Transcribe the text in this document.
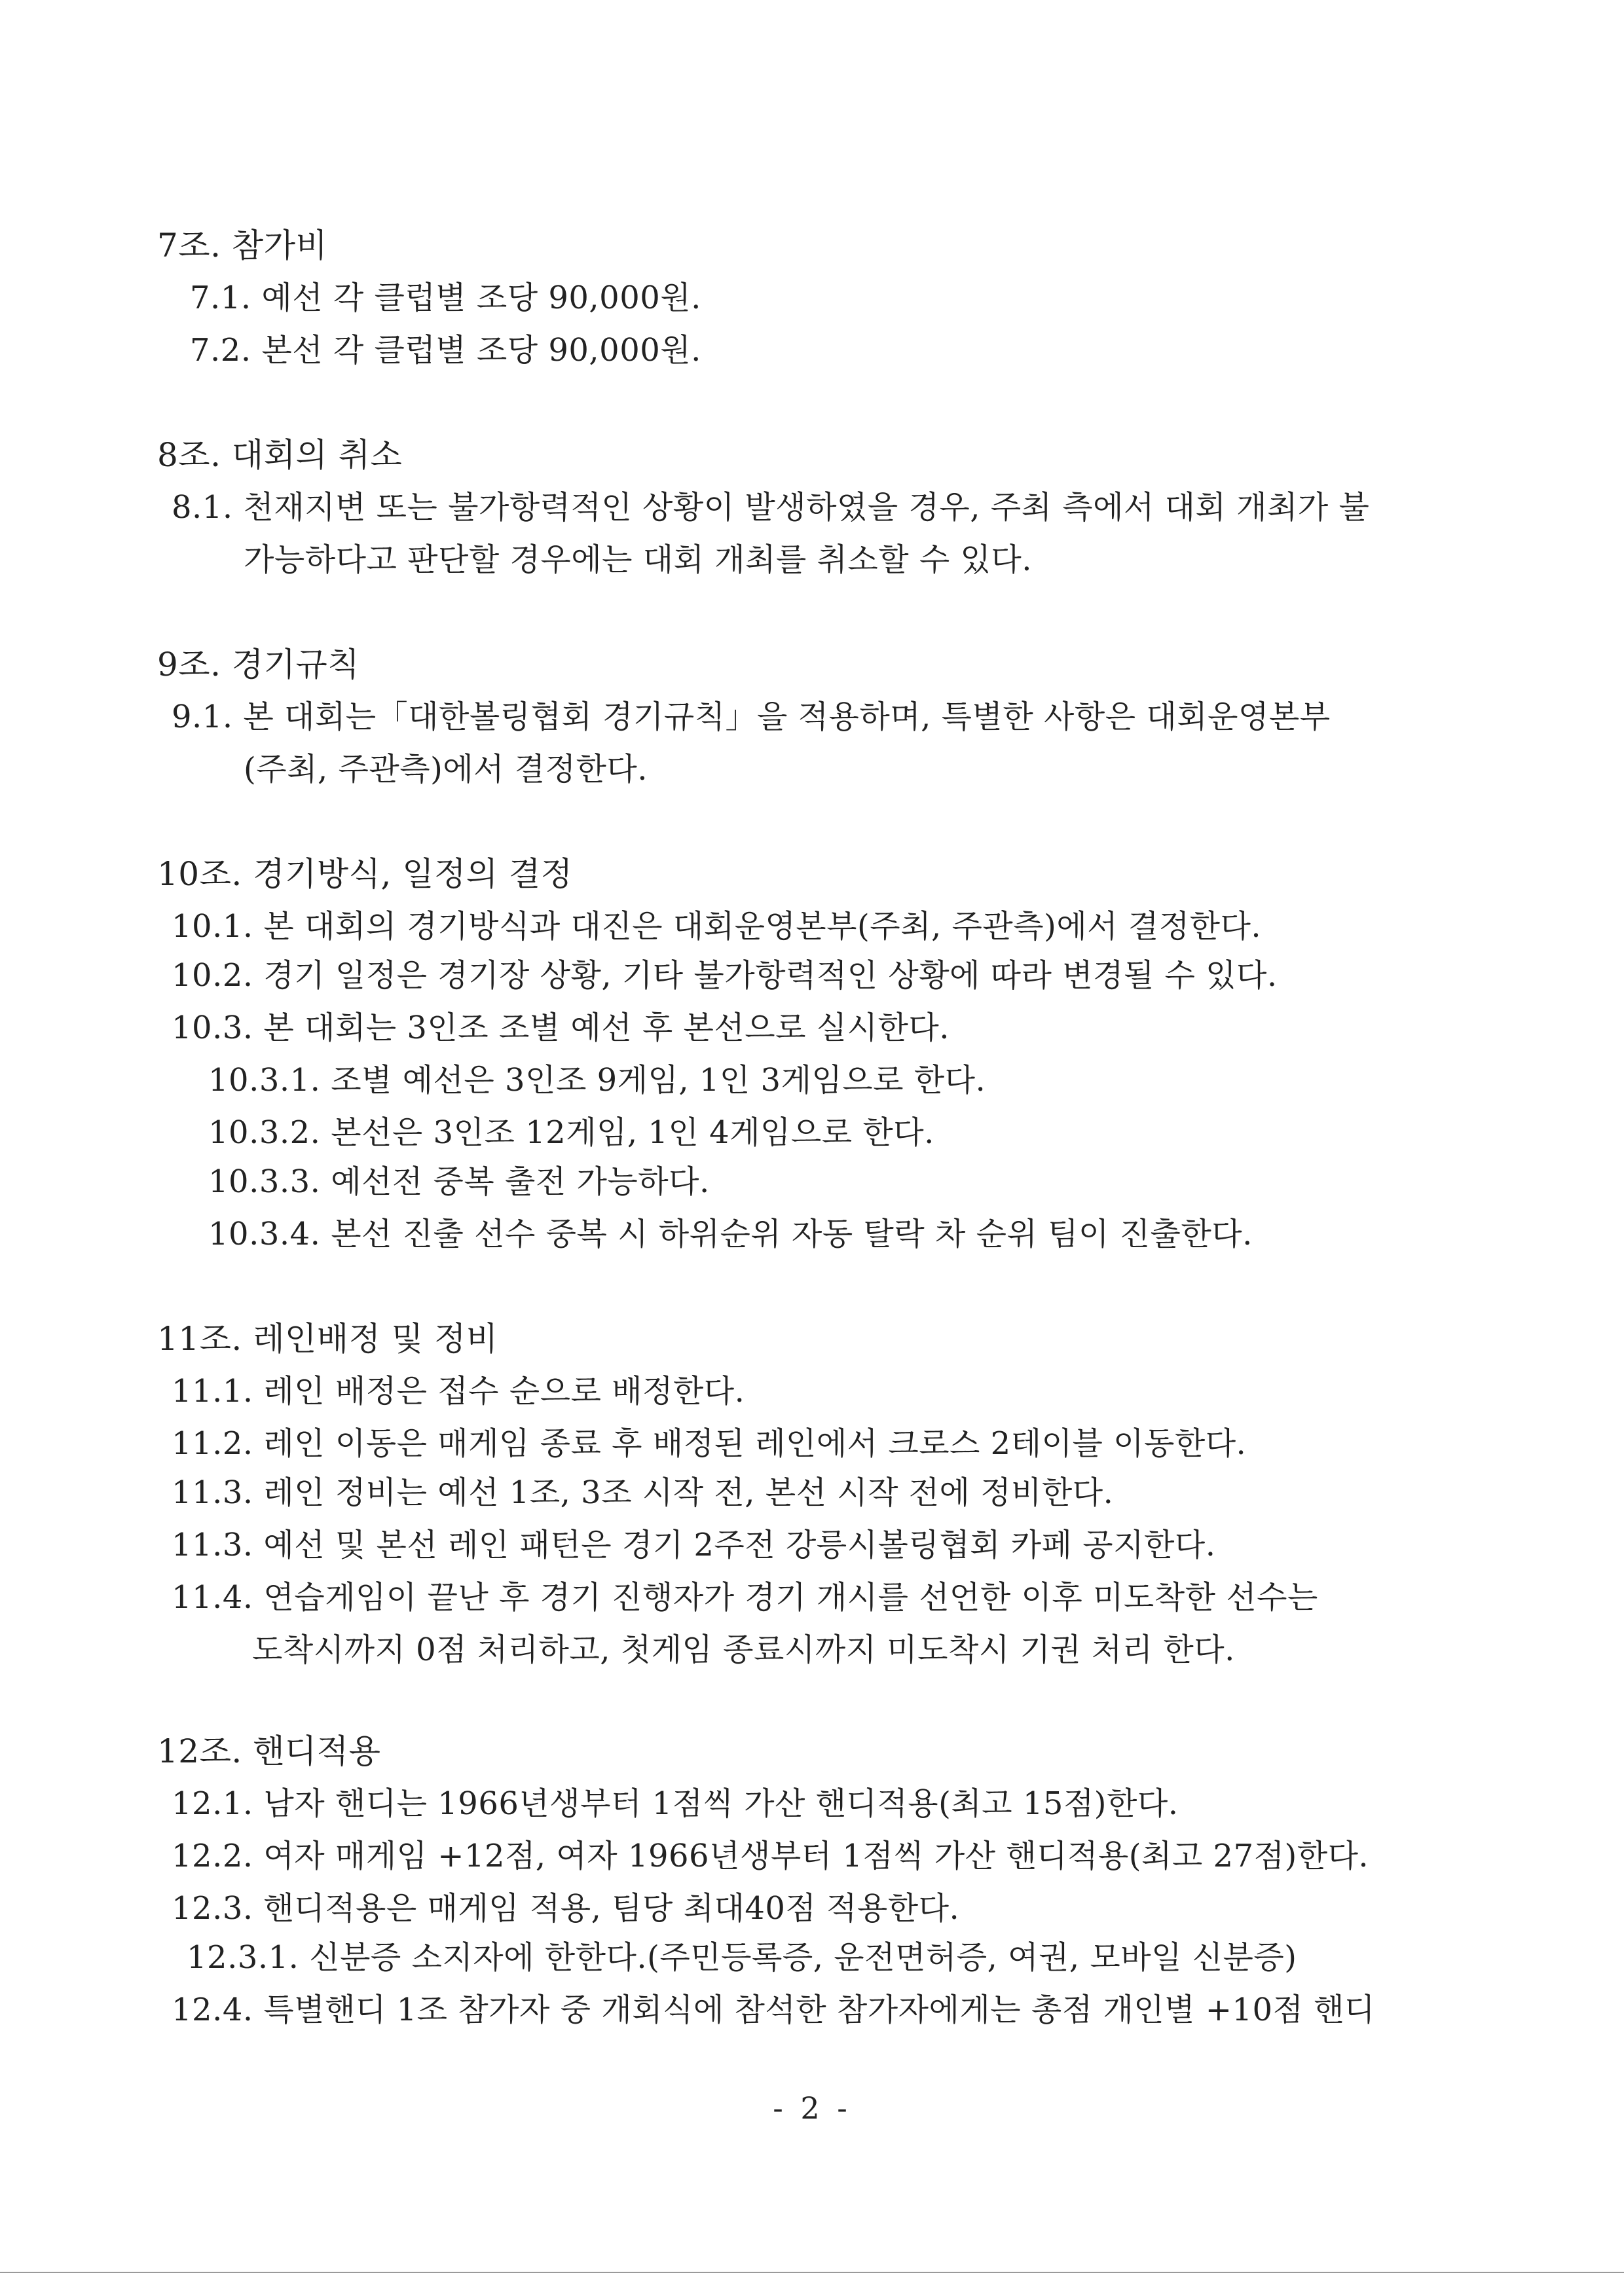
7조. 참가비
7.1. 예선 각 클럽별 조당 90,000원.
7.2. 본선 각 클럽별 조당 90,000원.
8조. 대회의 취소
8.1. 천재지변 또는 불가항력적인 상황이 발생하였을 경우, 주최 측에서 대회 개최가 불
가능하다고 판단할 경우에는 대회 개최를 취소할 수 있다.
9조. 경기규칙
9.1. 본 대회는「대한볼링협회 경기규칙」을 적용하며, 특별한 사항은 대회운영본부
(주최, 주관측)에서 결정한다.
10조. 경기방식, 일정의 결정
10.1. 본 대회의 경기방식과 대진은 대회운영본부(주최, 주관측)에서 결정한다.
10.2. 경기 일정은 경기장 상황, 기타 불가항력적인 상황에 따라 변경될 수 있다.
10.3. 본 대회는 3인조 조별 예선 후 본선으로 실시한다.
10.3.1. 조별 예선은 3인조 9게임, 1인 3게임으로 한다.
10.3.2. 본선은 3인조 12게임, 1인 4게임으로 한다.
10.3.3. 예선전 중복 출전 가능하다.
10.3.4. 본선 진출 선수 중복 시 하위순위 자동 탈락 차 순위 팀이 진출한다.
11조. 레인배정 및 정비
11.1. 레인 배정은 접수 순으로 배정한다.
11.2. 레인 이동은 매게임 종료 후 배정된 레인에서 크로스 2테이블 이동한다.
11.3. 레인 정비는 예선 1조, 3조 시작 전, 본선 시작 전에 정비한다.
11.3. 예선 및 본선 레인 패턴은 경기 2주전 강릉시볼링협회 카페 공지한다.
11.4. 연습게임이 끝난 후 경기 진행자가 경기 개시를 선언한 이후 미도착한 선수는
도착시까지 0점 처리하고, 첫게임 종료시까지 미도착시 기권 처리 한다.
12조. 핸디적용
12.1. 남자 핸디는 1966년생부터 1점씩 가산 핸디적용(최고 15점)한다.
12.2. 여자 매게임 +12점, 여자 1966년생부터 1점씩 가산 핸디적용(최고 27점)한다.
12.3. 핸디적용은 매게임 적용, 팀당 최대40점 적용한다.
12.3.1. 신분증 소지자에 한한다.(주민등록증, 운전면허증, 여권, 모바일 신분증)
12.4. 특별핸디 1조 참가자 중 개회식에 참석한 참가자에게는 총점 개인별 +10점 핸디
- 2 -
